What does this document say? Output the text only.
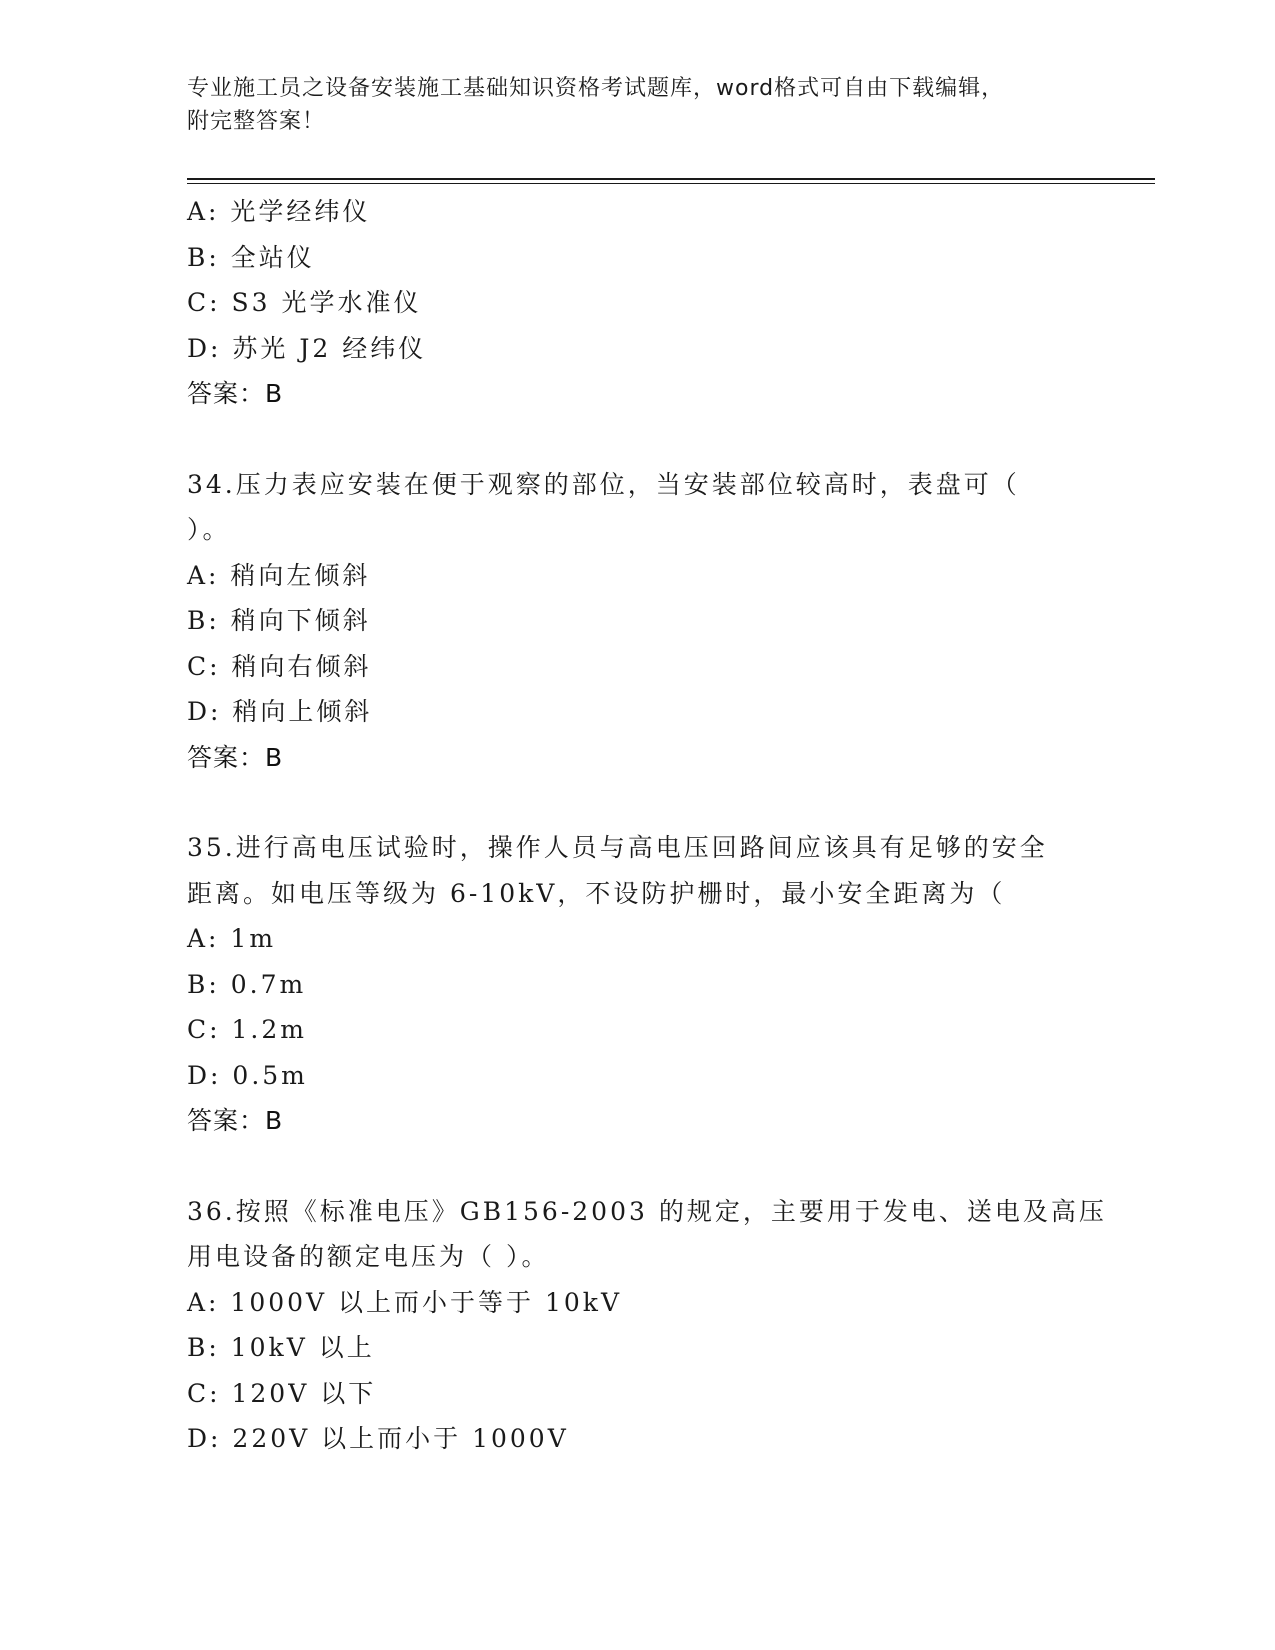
专业施工员之设备安装施工基础知识资格考试题库，word格式可自由下载编辑，
附完整答案！
A: 光学经纬仪
B: 全站仪
C: S3 光学水准仪
D: 苏光 J2 经纬仪
答案：B
34.压力表应安装在便于观察的部位，当安装部位较高时，表盘可（
）。
A: 稍向左倾斜
B: 稍向下倾斜
C: 稍向右倾斜
D: 稍向上倾斜
答案：B
35.进行高电压试验时，操作人员与高电压回路间应该具有足够的安全
距离。如电压等级为 6-10kV，不设防护栅时，最小安全距离为（
A: 1m
B: 0.7m
C: 1.2m
D: 0.5m
答案：B
36.按照《标准电压》GB156-2003 的规定，主要用于发电、送电及高压
用电设备的额定电压为（ ）。
A: 1000V 以上而小于等于 10kV
B: 10kV 以上
C: 120V 以下
D: 220V 以上而小于 1000V
